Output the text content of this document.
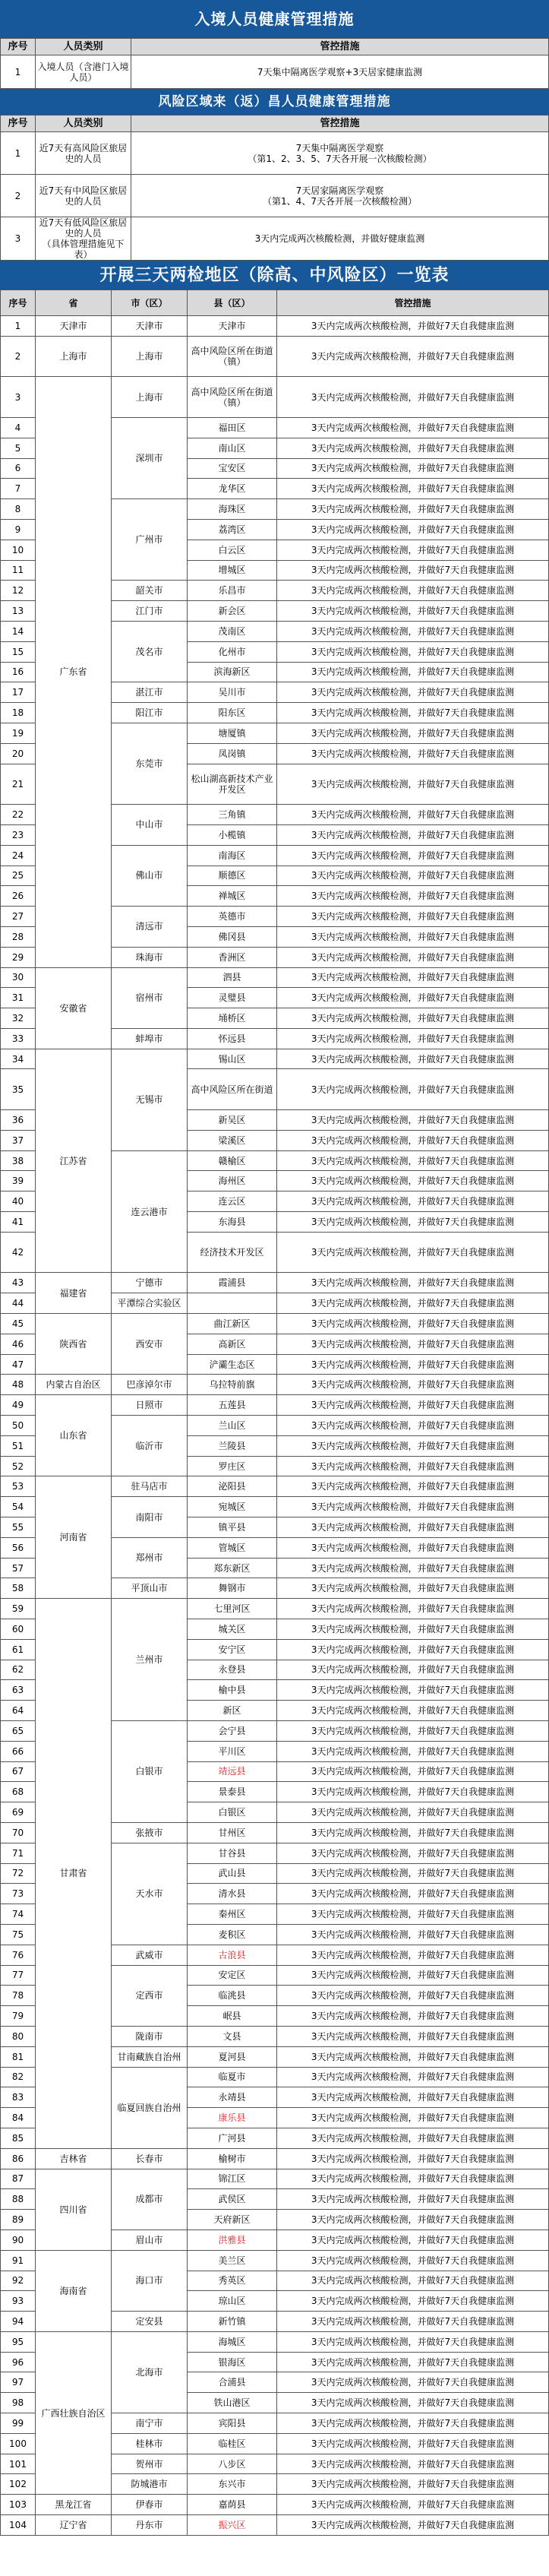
入境人员健康管理措施
序号	人员类别	管控措施
1	入境人员（含港门入境人员）	7天集中隔离医学观察+3天居家健康监测
风险区域来（返）昌人员健康管理措施
序号	人员类别	管控措施
1	近7天有高风险区旅居史的人员	7天集中隔离医学观察
（第1、2、3、5、7天各开展一次核酸检测）

2	近7天有中风险区旅居史的人员	7天居家隔离医学观察
（第1、4、7天各开展一次核酸检测）

3	近7天有低风险区旅居史的人员
（具体管理措施见下表）	3天内完成两次核酸检测，并做好健康监测
开展三天两检地区（除高、中风险区）一览表
序号	省	市（区）	县（区）	管控措施
1	天津市	天津市	天津市	3天内完成两次核酸检测，并做好7天自我健康监测
2	上海市	上海市	高中风险区所在街道（镇）	3天内完成两次核酸检测，并做好7天自我健康监测
3	广东省	上海市	高中风险区所在街道（镇）	3天内完成两次核酸检测，并做好7天自我健康监测
4		深圳市	福田区	3天内完成两次核酸检测，并做好7天自我健康监测
5			南山区	3天内完成两次核酸检测，并做好7天自我健康监测
6			宝安区	3天内完成两次核酸检测，并做好7天自我健康监测
7			龙华区	3天内完成两次核酸检测，并做好7天自我健康监测
8		广州市	海珠区	3天内完成两次核酸检测，并做好7天自我健康监测
9			荔湾区	3天内完成两次核酸检测，并做好7天自我健康监测
10			白云区	3天内完成两次核酸检测，并做好7天自我健康监测
11			增城区	3天内完成两次核酸检测，并做好7天自我健康监测
12		韶关市	乐昌市	3天内完成两次核酸检测，并做好7天自我健康监测
13		江门市	新会区	3天内完成两次核酸检测，并做好7天自我健康监测
14		茂名市	茂南区	3天内完成两次核酸检测，并做好7天自我健康监测
15			化州市	3天内完成两次核酸检测，并做好7天自我健康监测
16			滨海新区	3天内完成两次核酸检测，并做好7天自我健康监测
17		湛江市	吴川市	3天内完成两次核酸检测，并做好7天自我健康监测
18		阳江市	阳东区	3天内完成两次核酸检测，并做好7天自我健康监测
19		东莞市	塘厦镇	3天内完成两次核酸检测，并做好7天自我健康监测
20			凤岗镇	3天内完成两次核酸检测，并做好7天自我健康监测
21			松山湖高新技术产业开发区	3天内完成两次核酸检测，并做好7天自我健康监测
22		中山市	三角镇	3天内完成两次核酸检测，并做好7天自我健康监测
23			小榄镇	3天内完成两次核酸检测，并做好7天自我健康监测
24		佛山市	南海区	3天内完成两次核酸检测，并做好7天自我健康监测
25			顺德区	3天内完成两次核酸检测，并做好7天自我健康监测
26			禅城区	3天内完成两次核酸检测，并做好7天自我健康监测
27		清远市	英德市	3天内完成两次核酸检测，并做好7天自我健康监测
28			佛冈县	3天内完成两次核酸检测，并做好7天自我健康监测
29		珠海市	香洲区	3天内完成两次核酸检测，并做好7天自我健康监测
30	安徽省	宿州市	泗县	3天内完成两次核酸检测，并做好7天自我健康监测
31			灵璧县	3天内完成两次核酸检测，并做好7天自我健康监测
32			埇桥区	3天内完成两次核酸检测，并做好7天自我健康监测
33		蚌埠市	怀远县	3天内完成两次核酸检测，并做好7天自我健康监测
34	江苏省	无锡市	锡山区	3天内完成两次核酸检测，并做好7天自我健康监测
35			高中风险区所在街道	3天内完成两次核酸检测，并做好7天自我健康监测
36			新吴区	3天内完成两次核酸检测，并做好7天自我健康监测
37			梁溪区	3天内完成两次核酸检测，并做好7天自我健康监测
38		连云港市	赣榆区	3天内完成两次核酸检测，并做好7天自我健康监测
39			海州区	3天内完成两次核酸检测，并做好7天自我健康监测
40			连云区	3天内完成两次核酸检测，并做好7天自我健康监测
41			东海县	3天内完成两次核酸检测，并做好7天自我健康监测
42			经济技术开发区	3天内完成两次核酸检测，并做好7天自我健康监测
43	福建省	宁德市	霞浦县	3天内完成两次核酸检测，并做好7天自我健康监测
44		平潭综合实验区		3天内完成两次核酸检测，并做好7天自我健康监测
45	陕西省	西安市	曲江新区	3天内完成两次核酸检测，并做好7天自我健康监测
46			高新区	3天内完成两次核酸检测，并做好7天自我健康监测
47			浐灞生态区	3天内完成两次核酸检测，并做好7天自我健康监测
48	内蒙古自治区	巴彦淖尔市	乌拉特前旗	3天内完成两次核酸检测，并做好7天自我健康监测
49	山东省	日照市	五莲县	3天内完成两次核酸检测，并做好7天自我健康监测
50		临沂市	兰山区	3天内完成两次核酸检测，并做好7天自我健康监测
51			兰陵县	3天内完成两次核酸检测，并做好7天自我健康监测
52			罗庄区	3天内完成两次核酸检测，并做好7天自我健康监测
53	河南省	驻马店市	泌阳县	3天内完成两次核酸检测，并做好7天自我健康监测
54		南阳市	宛城区	3天内完成两次核酸检测，并做好7天自我健康监测
55			镇平县	3天内完成两次核酸检测，并做好7天自我健康监测
56		郑州市	管城区	3天内完成两次核酸检测，并做好7天自我健康监测
57			郑东新区	3天内完成两次核酸检测，并做好7天自我健康监测
58		平顶山市	舞钢市	3天内完成两次核酸检测，并做好7天自我健康监测
59	甘肃省	兰州市	七里河区	3天内完成两次核酸检测，并做好7天自我健康监测
60			城关区	3天内完成两次核酸检测，并做好7天自我健康监测
61			安宁区	3天内完成两次核酸检测，并做好7天自我健康监测
62			永登县	3天内完成两次核酸检测，并做好7天自我健康监测
63			榆中县	3天内完成两次核酸检测，并做好7天自我健康监测
64			新区	3天内完成两次核酸检测，并做好7天自我健康监测
65		白银市	会宁县	3天内完成两次核酸检测，并做好7天自我健康监测
66			平川区	3天内完成两次核酸检测，并做好7天自我健康监测
67			靖远县	3天内完成两次核酸检测，并做好7天自我健康监测
68			景泰县	3天内完成两次核酸检测，并做好7天自我健康监测
69			白银区	3天内完成两次核酸检测，并做好7天自我健康监测
70		张掖市	甘州区	3天内完成两次核酸检测，并做好7天自我健康监测
71		天水市	甘谷县	3天内完成两次核酸检测，并做好7天自我健康监测
72			武山县	3天内完成两次核酸检测，并做好7天自我健康监测
73			清水县	3天内完成两次核酸检测，并做好7天自我健康监测
74			秦州区	3天内完成两次核酸检测，并做好7天自我健康监测
75			麦积区	3天内完成两次核酸检测，并做好7天自我健康监测
76		武威市	古浪县	3天内完成两次核酸检测，并做好7天自我健康监测
77		定西市	安定区	3天内完成两次核酸检测，并做好7天自我健康监测
78			临洮县	3天内完成两次核酸检测，并做好7天自我健康监测
79			岷县	3天内完成两次核酸检测，并做好7天自我健康监测
80		陇南市	文县	3天内完成两次核酸检测，并做好7天自我健康监测
81		甘南藏族自治州	夏河县	3天内完成两次核酸检测，并做好7天自我健康监测
82		临夏回族自治州	临夏市	3天内完成两次核酸检测，并做好7天自我健康监测
83			永靖县	3天内完成两次核酸检测，并做好7天自我健康监测
84			康乐县	3天内完成两次核酸检测，并做好7天自我健康监测
85			广河县	3天内完成两次核酸检测，并做好7天自我健康监测
86	吉林省	长春市	榆树市	3天内完成两次核酸检测，并做好7天自我健康监测
87	四川省	成都市	锦江区	3天内完成两次核酸检测，并做好7天自我健康监测
88			武侯区	3天内完成两次核酸检测，并做好7天自我健康监测
89			天府新区	3天内完成两次核酸检测，并做好7天自我健康监测
90		眉山市	洪雅县	3天内完成两次核酸检测，并做好7天自我健康监测
91	海南省	海口市	美兰区	3天内完成两次核酸检测，并做好7天自我健康监测
92			秀英区	3天内完成两次核酸检测，并做好7天自我健康监测
93			琼山区	3天内完成两次核酸检测，并做好7天自我健康监测
94		定安县	新竹镇	3天内完成两次核酸检测，并做好7天自我健康监测
95	广西壮族自治区	北海市	海城区	3天内完成两次核酸检测，并做好7天自我健康监测
96			银海区	3天内完成两次核酸检测，并做好7天自我健康监测
97			合浦县	3天内完成两次核酸检测，并做好7天自我健康监测
98			铁山港区	3天内完成两次核酸检测，并做好7天自我健康监测
99		南宁市	宾阳县	3天内完成两次核酸检测，并做好7天自我健康监测
100		桂林市	临桂区	3天内完成两次核酸检测，并做好7天自我健康监测
101		贺州市	八步区	3天内完成两次核酸检测，并做好7天自我健康监测
102		防城港市	东兴市	3天内完成两次核酸检测，并做好7天自我健康监测
103	黑龙江省	伊春市	嘉荫县	3天内完成两次核酸检测，并做好7天自我健康监测
104	辽宁省	丹东市	振兴区	3天内完成两次核酸检测，并做好7天自我健康监测
